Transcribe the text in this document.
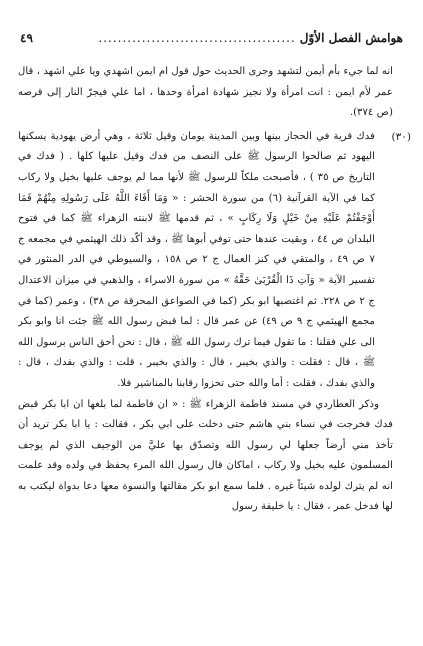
هوامش الفصل الأوّل
.........................................
٤٩

انه لما جيء بأم أيمن لتشهد وجرى الحديث حول قول ام ايمن اشهدي ويا علي اشهد ، قال عمر لأم ايمن : انت امرأة ولا نجيز شهادة امرأة وحدها ، اما علي فيجرّ النار إلى قرصه (ص ٣٧٤).

(٣٠)

فدك قرية في الحجاز بينها وبين المدينة يومان وقيل ثلاثة ، وهي أرض يهودية يسكنها اليهود ثم صالحوا الرسول ﷺ على النصف من فدك وقيل عليها كلها . ( فدك في التاريخ ص ٣٥ ) ، فأصبحت ملكاً للرسول ﷺ لأنها مما لم يوجف عليها بخيل ولا ركاب كما في الآية القرآنية (٦) من سورة الحشر : « وَمَا أَفَاءَ اللَّهُ عَلَى رَسُولِهِ مِنْهُمْ فَمَا أَوْجَفْتُمْ عَلَيْهِ مِنْ خَيْلٍ وَلَا رِكَابٍ » ، ثم قدمها ﷺ لابنته الزهراء ﷺ كما في فتوح البلدان ص ٤٤ ، وبقيت عندها حتى توفي أبوها ﷺ ، وقد أكّد ذلك الهيثمي في مجمعه ج ٧ ص ٤٩ ، والمتقي في كنز العمال ج ٢ ص ١٥٨ ، والسيوطي في الدر المنثور في تفسير الآية « وَآتِ ذَا الْقُرْبَىٰ حَقَّهُ » من سورة الاسراء ، والذهبي في ميزان الاعتدال ج ٢ ص ٢٢٨. ثم اغتصبها ابو بكر (كما في الصواعق المحرقة ص ٣٨) ، وعمر (كما في مجمع الهيثمي ج ٩ ص ٤٩) عن عمر قال : لما قبض رسول الله ﷺ جئت انا وابو بكر الى علي فقلنا : ما تقول فيما ترك رسول الله ﷺ ، قال : نحن أحق الناس برسول الله ﷺ ، قال : فقلت : والذي بخيبر ، قال : والذي بخيبر ، قلت : والذي بفدك ، قال : والذي بفدك ، فقلت : أما والله حتى تحزوا رقابنا بالمناشير فلا.

وذكر العطاردي في مسند فاطمة الزهراء ﷺ : « ان فاطمة لما بلغها ان ابا بكر قبض فدك فخرجت في نساء بني هاشم حتى دخلت على ابي بكر ، فقالت : يا ابا بكر تريد أن تأخذ مني أرضاً جعلها لي رسول الله وتصدّق بها عليَّ من الوجيف الذي لم يوجف المسلمون عليه بخيل ولا ركاب ، اماكان قال رسول الله المرء يحفظ في ولده وقد علمت انه لم يترك لولده شيئاً غيره . فلما سمع ابو بكر مقالتها والنسوة معها دعا بدواة ليكتب به لها فدخل عمر ، فقال : يا خليفة رسول
